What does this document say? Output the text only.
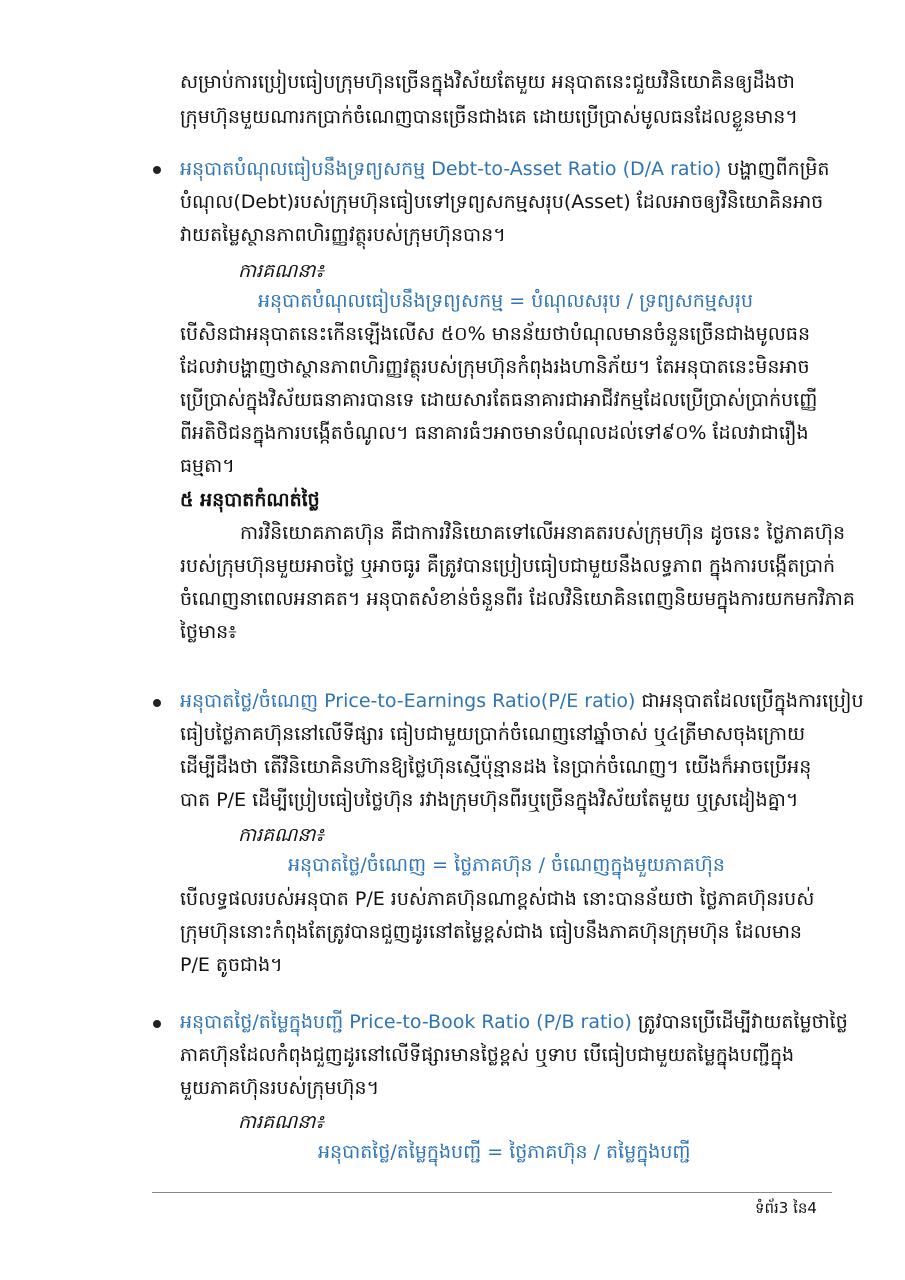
សម្រាប់ការប្រៀបធៀបក្រុមហ៊ុនច្រើនក្នុងវិស័យតែមួយ អនុបាតនេះជួយវិនិយោគិនឲ្យដឹងថា
ក្រុមហ៊ុនមួយណារកប្រាក់ចំណេញបានច្រើនជាងគេ ដោយប្រើប្រាស់មូលធនដែលខ្លួនមាន។
អនុបាតបំណុលធៀបនឹងទ្រព្យសកម្ម Debt-to-Asset Ratio (D/A ratio) បង្ហាញពីកម្រិត
បំណុល(Debt)របស់ក្រុមហ៊ុនធៀបទៅទ្រព្យសកម្មសរុប(Asset) ដែលអាចឲ្យវិនិយោគិនអាច
វាយតម្លៃស្ថានភាពហិរញ្ញវត្ថុរបស់ក្រុមហ៊ុនបាន។
ការគណនា៖
អនុបាតបំណុលធៀបនឹងទ្រព្យសកម្ម = បំណុលសរុប / ទ្រព្យសកម្មសរុប
បើសិនជាអនុបាតនេះកើនឡើងលើស ៥០% មានន័យថាបំណុលមានចំនួនច្រើនជាងមូលធន
ដែលវាបង្ហាញថាស្ថានភាពហិរញ្ញវត្ថុរបស់ក្រុមហ៊ុនកំពុងរងហានិភ័យ។ តែអនុបាតនេះមិនអាច
ប្រើប្រាស់ក្នុងវិស័យធនាគារបានទេ ដោយសារតែធនាគារជាអាជីវកម្មដែលប្រើប្រាស់ប្រាក់បញ្ញើ
ពីអតិថិជនក្នុងការបង្កើតចំណូល។ ធនាគារធំៗអាចមានបំណុលដល់ទៅ៩០% ដែលវាជារឿង
ធម្មតា។
៥ អនុបាតកំណត់ថ្លៃ
ការវិនិយោគភាគហ៊ុន គឺជាការវិនិយោគទៅលើអនាគតរបស់ក្រុមហ៊ុន ដូចនេះ ថ្លៃភាគហ៊ុន
របស់ក្រុមហ៊ុនមួយអាចថ្លៃ ឬអាចធូរ គឺត្រូវបានប្រៀបធៀបជាមួយនឹងលទ្ធភាព ក្នុងការបង្កើតប្រាក់
ចំណេញនាពេលអនាគត។ អនុបាតសំខាន់ចំនួនពីរ ដែលវិនិយោគិនពេញនិយមក្នុងការយកមកវិភាគ
ថ្លៃមាន៖
អនុបាតថ្លៃ/ចំណេញ Price-to-Earnings Ratio(P/E ratio) ជាអនុបាតដែលប្រើក្នុងការប្រៀប
ធៀបថ្លៃភាគហ៊ុននៅលើទីផ្សារ ធៀបជាមួយប្រាក់ចំណេញនៅឆ្នាំចាស់ ឬ៤ត្រីមាសចុងក្រោយ
ដើម្បីដឹងថា តើវិនិយោគិនហ៊ានឱ្យថ្លៃហ៊ុនស្មើប៉ុន្មានដង នៃប្រាក់ចំណេញ។ យើងក៏អាចប្រើអនុ
បាត P/E ដើម្បីប្រៀបធៀបថ្លៃហ៊ុន រវាងក្រុមហ៊ុនពីរឬច្រើនក្នុងវិស័យតែមួយ ឬស្រដៀងគ្នា។
ការគណនា៖
អនុបាតថ្លៃ/ចំណេញ = ថ្លៃភាគហ៊ុន / ចំណេញក្នុងមួយភាគហ៊ុន
បើលទ្ធផលរបស់អនុបាត P/E របស់ភាគហ៊ុនណាខ្ពស់ជាង នោះបានន័យថា ថ្លៃភាគហ៊ុនរបស់
ក្រុមហ៊ុននោះកំពុងតែត្រូវបានជួញដូរនៅតម្លៃខ្ពស់ជាង ធៀបនឹងភាគហ៊ុនក្រុមហ៊ុន ដែលមាន
P/E តូចជាង។
អនុបាតថ្លៃ/តម្លៃក្នុងបញ្ជី Price-to-Book Ratio (P/B ratio) ត្រូវបានប្រើដើម្បីវាយតម្លៃថាថ្លៃ
ភាគហ៊ុនដែលកំពុងជួញដូរនៅលើទីផ្សារមានថ្លៃខ្ពស់ ឬទាប បើធៀបជាមួយតម្លៃក្នុងបញ្ជីក្នុង
មួយភាគហ៊ុនរបស់ក្រុមហ៊ុន។
ការគណនា៖
អនុបាតថ្លៃ/តម្លៃក្នុងបញ្ជី = ថ្លៃភាគហ៊ុន / តម្លៃក្នុងបញ្ជី
ទំព័រ3 នៃ4
